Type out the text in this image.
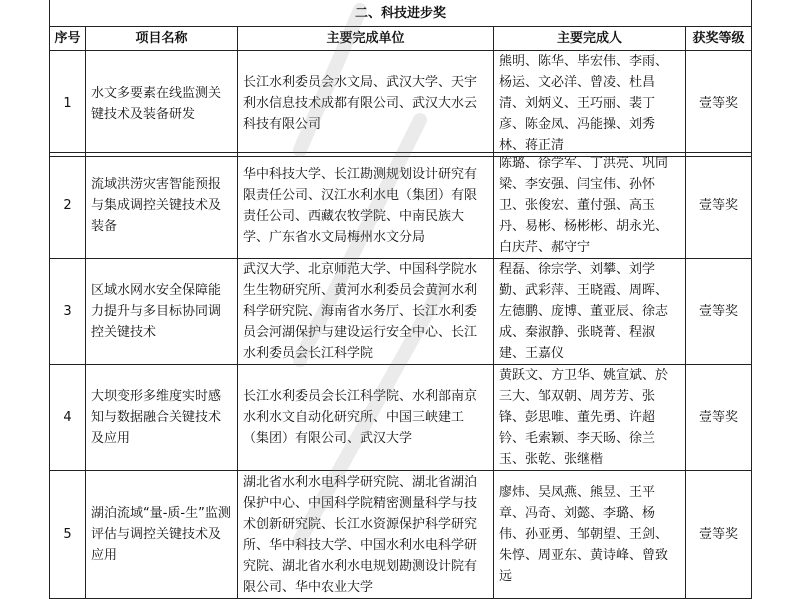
二、科技进步奖				
序号	项目名称	主要完成单位	主要完成人	获奖等级
1	水文多要素在线监测关键技术及装备研发	长江水利委员会水文局、武汉大学、天宇利水信息技术成都有限公司、武汉大水云科技有限公司	熊明、陈华、毕宏伟、李雨、杨运、文必洋、曾凌、杜昌清、刘炳义、王巧丽、裴丁彦、陈金凤、冯能操、刘秀林、蒋正清	壹等奖
2	流域洪涝灾害智能预报与集成调控关键技术及装备	华中科技大学、长江勘测规划设计研究有限责任公司、汉江水利水电（集团）有限责任公司、西藏农牧学院、中南民族大学、广东省水文局梅州水文分局	陈璐、徐学军、丁洪亮、巩同梁、李安强、闫宝伟、孙怀卫、张俊宏、董付强、高玉丹、易彬、杨彬彬、胡永光、白庆芹、郝守宁	壹等奖
3	区域水网水安全保障能力提升与多目标协同调控关键技术	武汉大学、北京师范大学、中国科学院水生生物研究所、黄河水利委员会黄河水利科学研究院、海南省水务厅、长江水利委员会河湖保护与建设运行安全中心、长江水利委员会长江科学院	程磊、徐宗学、刘攀、刘学勤、武彩萍、王晓霞、周晖、左德鹏、庞博、董亚辰、徐志成、秦淑静、张晓菁、程淑建、王嘉仪	壹等奖
4	大坝变形多维度实时感知与数据融合关键技术及应用	长江水利委员会长江科学院、水利部南京水利水文自动化研究所、中国三峡建工（集团）有限公司、武汉大学	黄跃文、方卫华、姚宣斌、於三大、邹双朝、周芳芳、张锋、彭思唯、董先勇、许超钤、毛索颖、李天旸、徐兰玉、张乾、张继楷	壹等奖
5	湖泊流域“量-质-生”监测评估与调控关键技术及应用	湖北省水利水电科学研究院、湖北省湖泊保护中心、中国科学院精密测量科学与技术创新研究院、长江水资源保护科学研究所、华中科技大学、中国水利水电科学研究院、湖北省水利水电规划勘测设计院有限公司、华中农业大学	廖炜、吴凤燕、熊昱、王平章、冯奇、刘懿、李璐、杨伟、孙亚勇、邹朝望、王剑、朱惇、周亚东、黄诗峰、曾致远	壹等奖
